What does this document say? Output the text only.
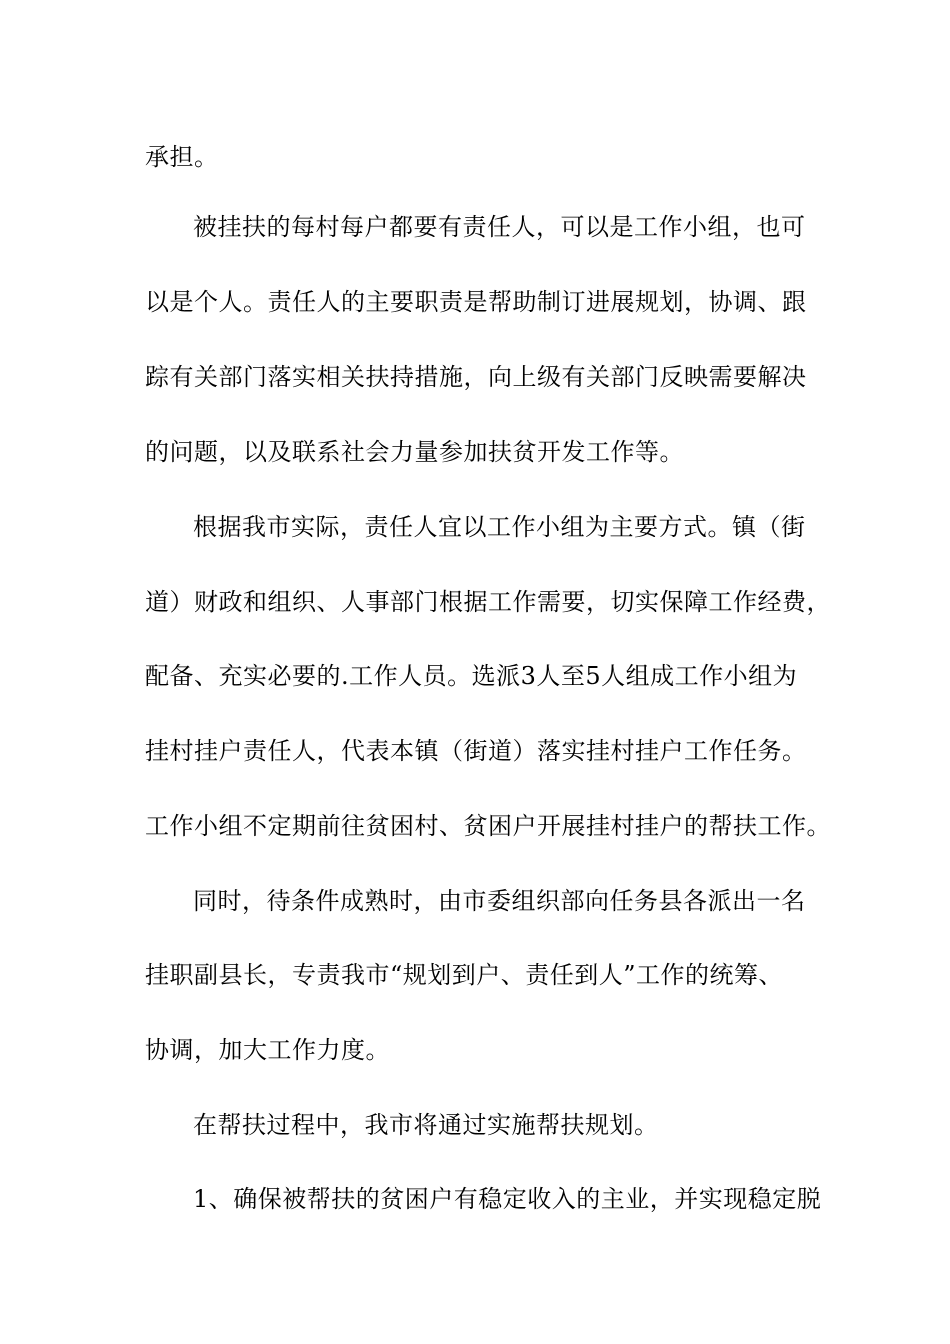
承担。
被挂扶的每村每户都要有责任人，可以是工作小组，也可
以是个人。责任人的主要职责是帮助制订进展规划，协调、跟
踪有关部门落实相关扶持措施，向上级有关部门反映需要解决
的问题，以及联系社会力量参加扶贫开发工作等。
根据我市实际，责任人宜以工作小组为主要方式。镇（街
道）财政和组织、人事部门根据工作需要，切实保障工作经费，
配备、充实必要的.工作人员。选派3人至5人组成工作小组为
挂村挂户责任人，代表本镇（街道）落实挂村挂户工作任务。
工作小组不定期前往贫困村、贫困户开展挂村挂户的帮扶工作。
同时，待条件成熟时，由市委组织部向任务县各派出一名
挂职副县长，专责我市“规划到户、责任到人”工作的统筹、
协调，加大工作力度。
在帮扶过程中，我市将通过实施帮扶规划。
1、确保被帮扶的贫困户有稳定收入的主业，并实现稳定脱
